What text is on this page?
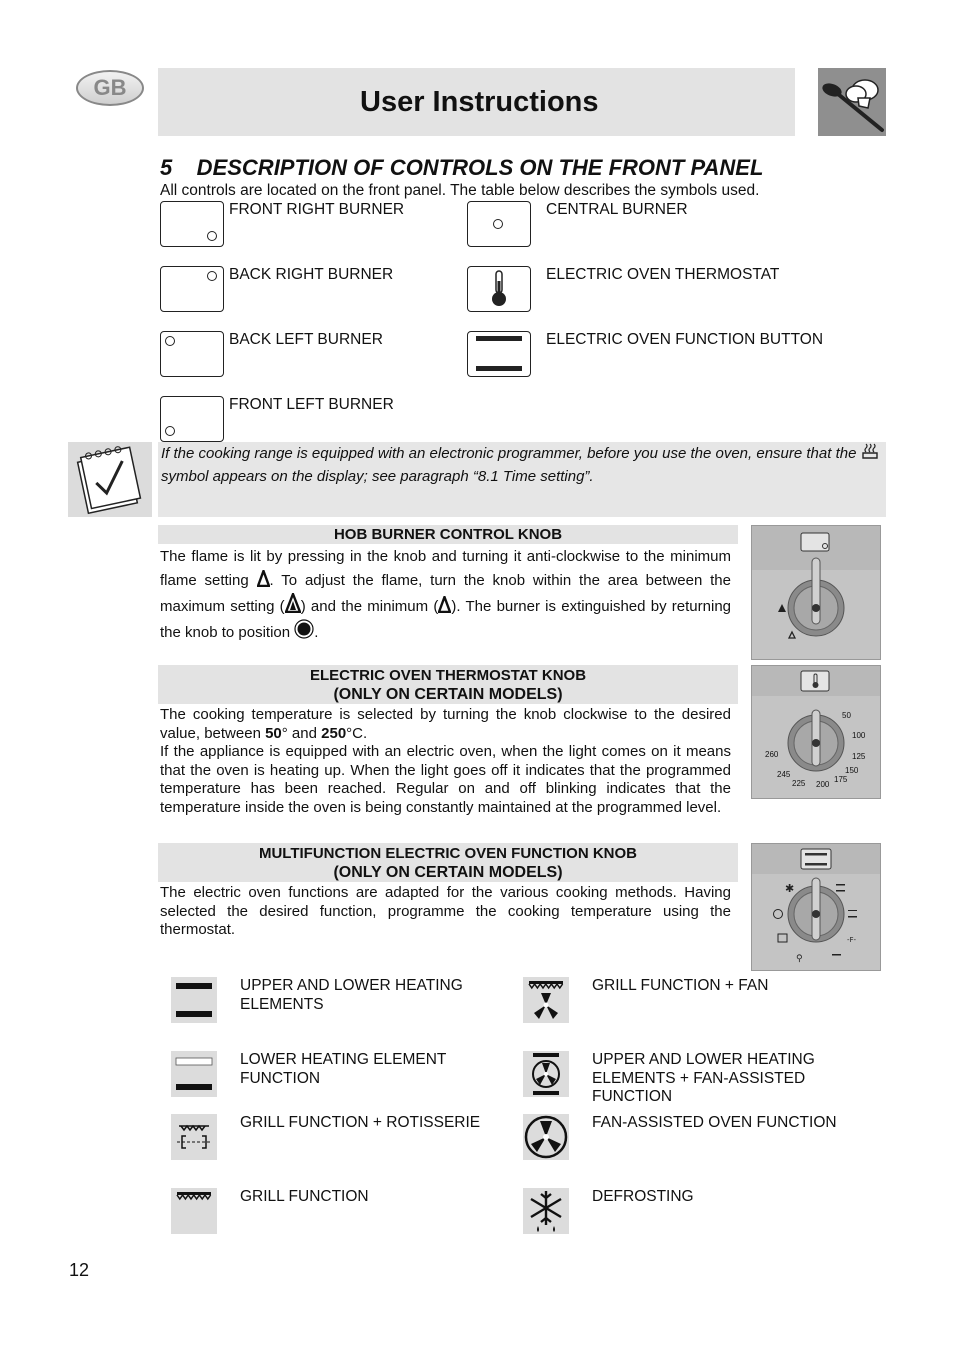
GB	User Instructions
5    DESCRIPTION OF CONTROLS ON THE FRONT PANEL
All controls are located on the front panel. The table below describes the symbols used.
FRONT RIGHT BURNER
BACK RIGHT BURNER
BACK LEFT BURNER
FRONT LEFT BURNER
CENTRAL BURNER
ELECTRIC OVEN THERMOSTAT
ELECTRIC OVEN FUNCTION BUTTON

If the cooking range is equipped with an electronic programmer, before you use the oven, ensure that the  symbol appears on the display; see paragraph “8.1 Time setting”.

HOB BURNER CONTROL KNOB
The flame is lit by pressing in the knob and turning it anti-clockwise to the minimum flame setting . To adjust the flame, turn the knob within the area between the maximum setting ( ) and the minimum ( ). The burner is extinguished by returning the knob to position .
ELECTRIC OVEN THERMOSTAT KNOB
(ONLY ON CERTAIN MODELS)
The cooking temperature is selected by turning the knob clockwise to the desired value, between 50° and 250°C.
If the appliance is equipped with an electric oven, when the light comes on it means that the oven is heating up. When the light goes off it indicates that the programmed temperature has been reached. Regular on and off blinking indicates that the temperature inside the oven is being constantly maintained at the programmed level.
50
100
125
150
175
200
225
245
260
MULTIFUNCTION ELECTRIC OVEN FUNCTION KNOB
(ONLY ON CERTAIN MODELS)
The electric oven functions are adapted for the various cooking methods. Having selected the desired function, programme the cooking temperature using the thermostat.
✱
-F-
⚲
UPPER AND LOWER HEATING ELEMENTS
LOWER HEATING ELEMENT FUNCTION
GRILL FUNCTION + ROTISSERIE
GRILL FUNCTION
GRILL FUNCTION + FAN
UPPER AND LOWER HEATING ELEMENTS + FAN-ASSISTED FUNCTION
FAN-ASSISTED OVEN FUNCTION
DEFROSTING
12
